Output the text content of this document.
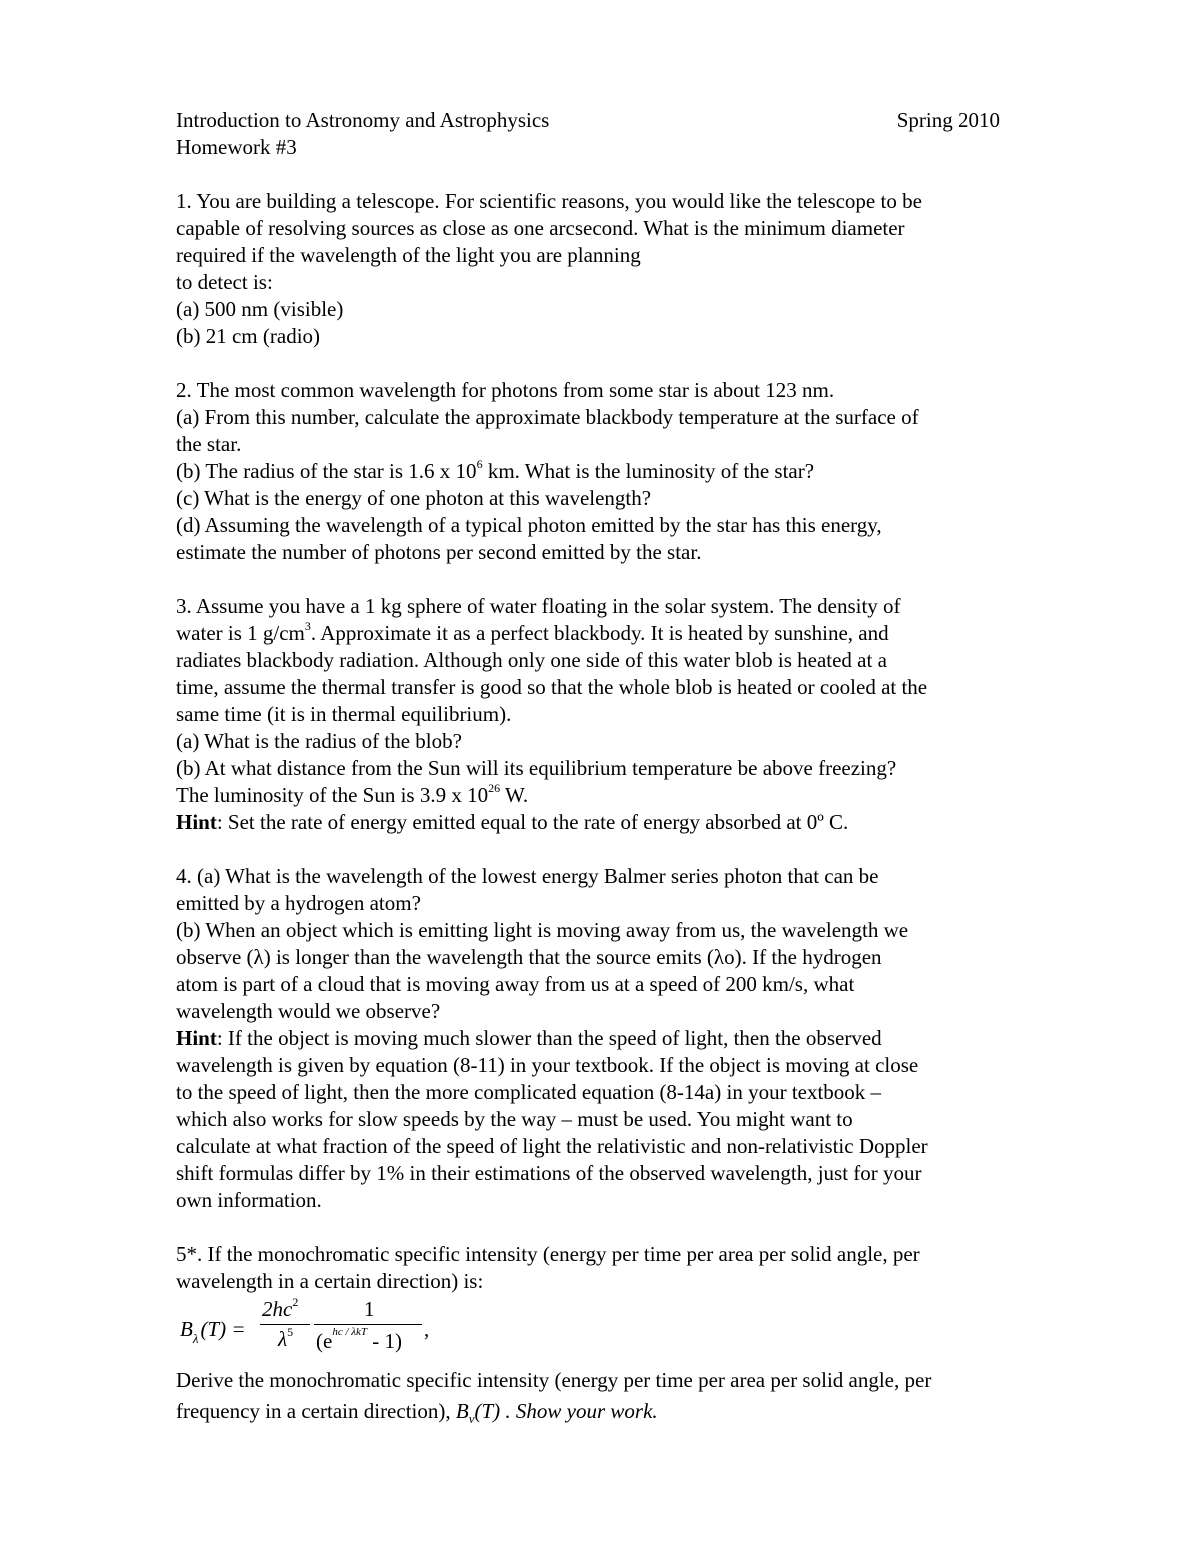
Introduction to Astronomy and Astrophysics	Spring 2010
Homework #3
1. You are building a telescope. For scientific reasons, you would like the telescope to be
capable of resolving sources as close as one arcsecond. What is the minimum diameter
required if the wavelength of the light you are planning
to detect is:
(a) 500 nm (visible)
(b) 21 cm (radio)
2. The most common wavelength for photons from some star is about 123 nm.
(a) From this number, calculate the approximate blackbody temperature at the surface of
the star.
(b) The radius of the star is 1.6 x $10^6$ km. What is the luminosity of the star?
(c) What is the energy of one photon at this wavelength?
(d) Assuming the wavelength of a typical photon emitted by the star has this energy,
estimate the number of photons per second emitted by the star.
3. Assume you have a 1 kg sphere of water floating in the solar system. The density of
water is 1 $g/cm^3$. Approximate it as a perfect blackbody. It is heated by sunshine, and
radiates blackbody radiation. Although only one side of this water blob is heated at a
time, assume the thermal transfer is good so that the whole blob is heated or cooled at the
same time (it is in thermal equilibrium).
(a) What is the radius of the blob?
(b) At what distance from the Sun will its equilibrium temperature be above freezing?
The luminosity of the Sun is 3.9 x $10^{26}$ W.
Hint: Set the rate of energy emitted equal to the rate of energy absorbed at 0º C.
4. (a) What is the wavelength of the lowest energy Balmer series photon that can be
emitted by a hydrogen atom?
(b) When an object which is emitting light is moving away from us, the wavelength we
observe (λ) is longer than the wavelength that the source emits (λo). If the hydrogen
atom is part of a cloud that is moving away from us at a speed of 200 km/s, what
wavelength would we observe?
Hint: If the object is moving much slower than the speed of light, then the observed
wavelength is given by equation (8-11) in your textbook. If the object is moving at close
to the speed of light, then the more complicated equation (8-14a) in your textbook –
which also works for slow speeds by the way – must be used. You might want to
calculate at what fraction of the speed of light the relativistic and non-relativistic Doppler
shift formulas differ by 1% in their estimations of the observed wavelength, just for your
own information.
5*. If the monochromatic specific intensity (energy per time per area per solid angle, per
wavelength in a certain direction) is:
$B_\lambda(T)$ =
$2hc^2$
$\lambda^5$
1
$(e^{hc / \lambda kT} - 1)$ ,
Derive the monochromatic specific intensity (energy per time per area per solid angle, per
frequency in a certain direction), $B_\nu(T)$ . Show your work.
